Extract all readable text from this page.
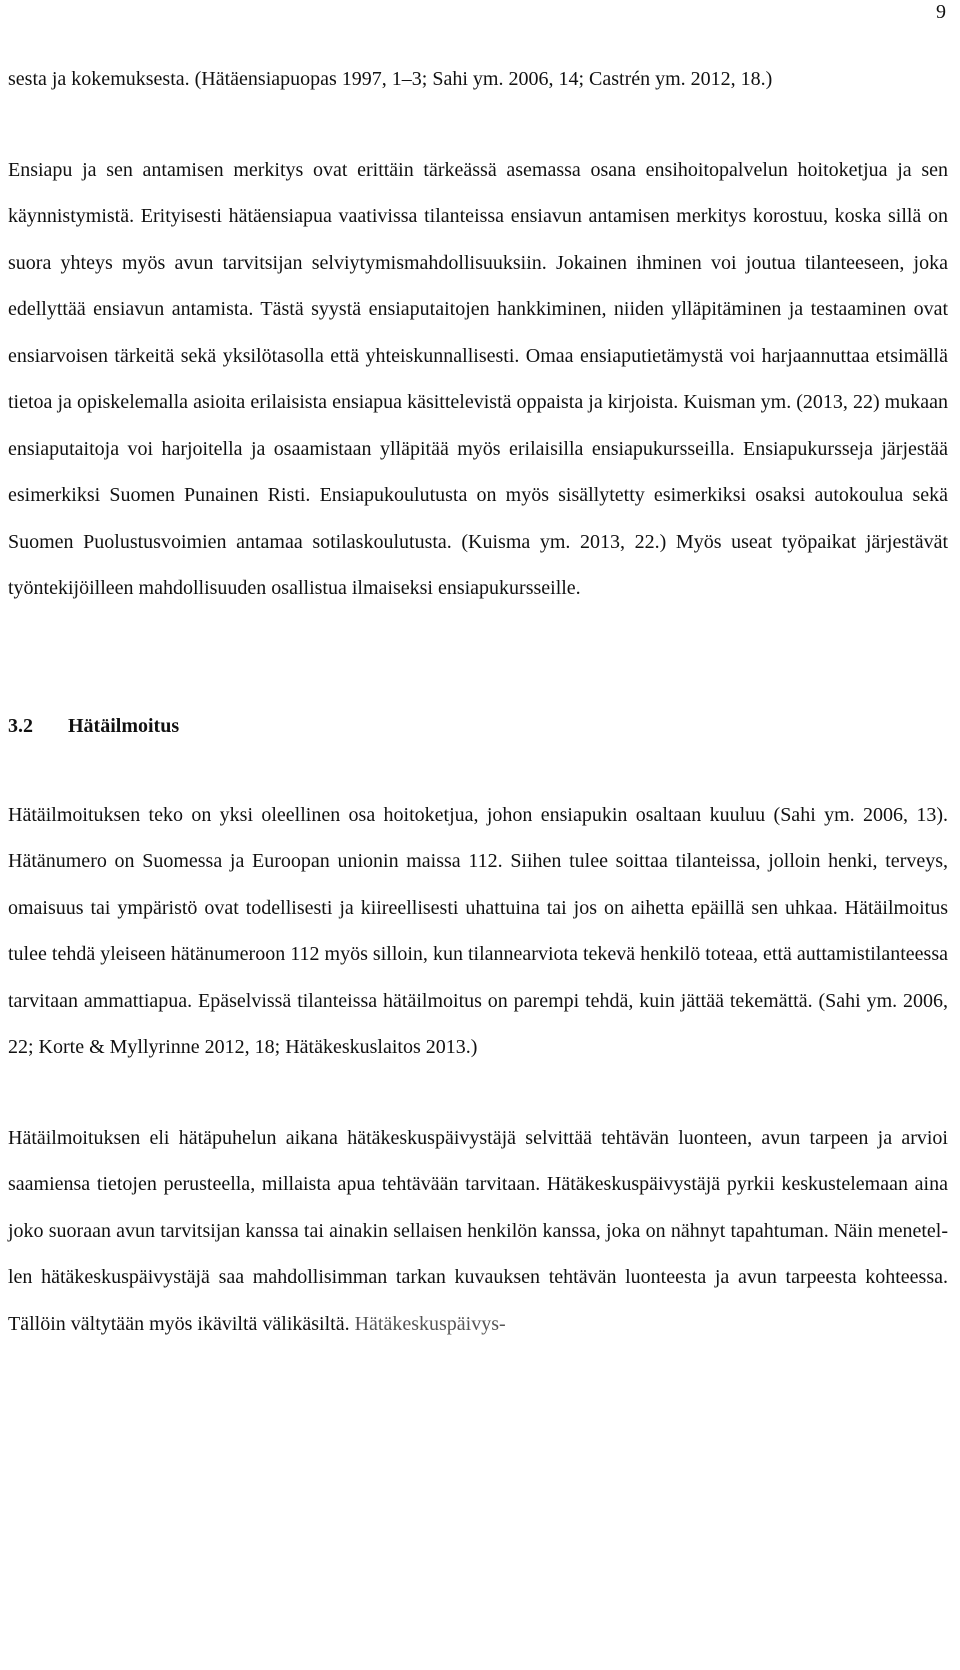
9

sesta ja kokemuksesta. (Hätäensiapuopas 1997, 1–3; Sahi ym. 2006, 14; Castrén ym. 2012, 18.)

Ensiapu ja sen antamisen merkitys ovat erittäin tärkeässä asemassa osana ensihoitopalvelun hoitoketjua ja sen käynnistymistä. Erityisesti hätäensiapua vaativissa tilanteissa ensiavun antamisen merkitys korostuu, koska sillä on suora yhteys myös avun tarvitsijan selviytymismahdollisuuksiin. Jokainen ihminen voi joutua tilanteeseen, joka edellyttää ensiavun antamista. Tästä syystä ensiaputaitojen hankkiminen, niiden ylläpitäminen ja testaaminen ovat ensiarvoisen tärkeitä sekä yksilötasolla että yhteiskunnallisesti. Omaa ensiaputietämystä voi harjaannuttaa etsimällä tietoa ja opiskelemalla asioita erilaisista ensiapua käsittelevistä oppaista ja kirjoista. Kuisman ym. (2013, 22) mukaan ensiaputaitoja voi harjoitella ja osaamistaan ylläpitää myös erilaisilla ensiapukursseilla. Ensiapukursseja järjestää esimerkiksi Suomen Punainen Risti. Ensiapukoulutusta on myös sisällytetty esimerkiksi osaksi autokoulua sekä Suomen Puolustusvoimien antamaa sotilaskoulutusta. (Kuisma ym. 2013, 22.) Myös useat työpaikat järjestävät työntekijöilleen mahdollisuuden osallistua ilmaiseksi ensiapukursseille.

3.2 Hätäilmoitus

Hätäilmoituksen teko on yksi oleellinen osa hoitoketjua, johon ensiapukin osaltaan kuuluu (Sahi ym. 2006, 13). Hätänumero on Suomessa ja Euroopan unionin maissa 112. Siihen tulee soittaa tilanteissa, jolloin henki, terveys, omaisuus tai ympäristö ovat todellisesti ja kiireellisesti uhattuina tai jos on aihetta epäillä sen uhkaa. Hätäilmoitus tulee tehdä yleiseen hätänumeroon 112 myös silloin, kun tilannearviota tekevä henkilö toteaa, että auttamistilanteessa tarvitaan ammattiapua. Epäselvissä tilanteissa hätäilmoitus on parempi tehdä, kuin jättää tekemättä. (Sahi ym. 2006, 22; Korte & Myllyrinne 2012, 18; Hätäkeskuslaitos 2013.)

Hätäilmoituksen eli hätäpuhelun aikana hätäkeskuspäivystäjä selvittää tehtävän luonteen, avun tarpeen ja arvioi saamiensa tietojen perusteella, millaista apua tehtävään tarvitaan. Hätäkeskuspäivystäjä pyrkii keskustelemaan aina joko suoraan avun tarvitsijan kanssa tai ainakin sellaisen henkilön kanssa, joka on nähnyt tapahtuman. Näin menetellen hätäkeskuspäivystäjä saa mahdollisimman tarkan kuvauksen tehtävän luonteesta ja avun tarpeesta kohteessa. Tällöin vältytään myös ikäviltä välikäsiltä. Hätäkeskuspäivys-
